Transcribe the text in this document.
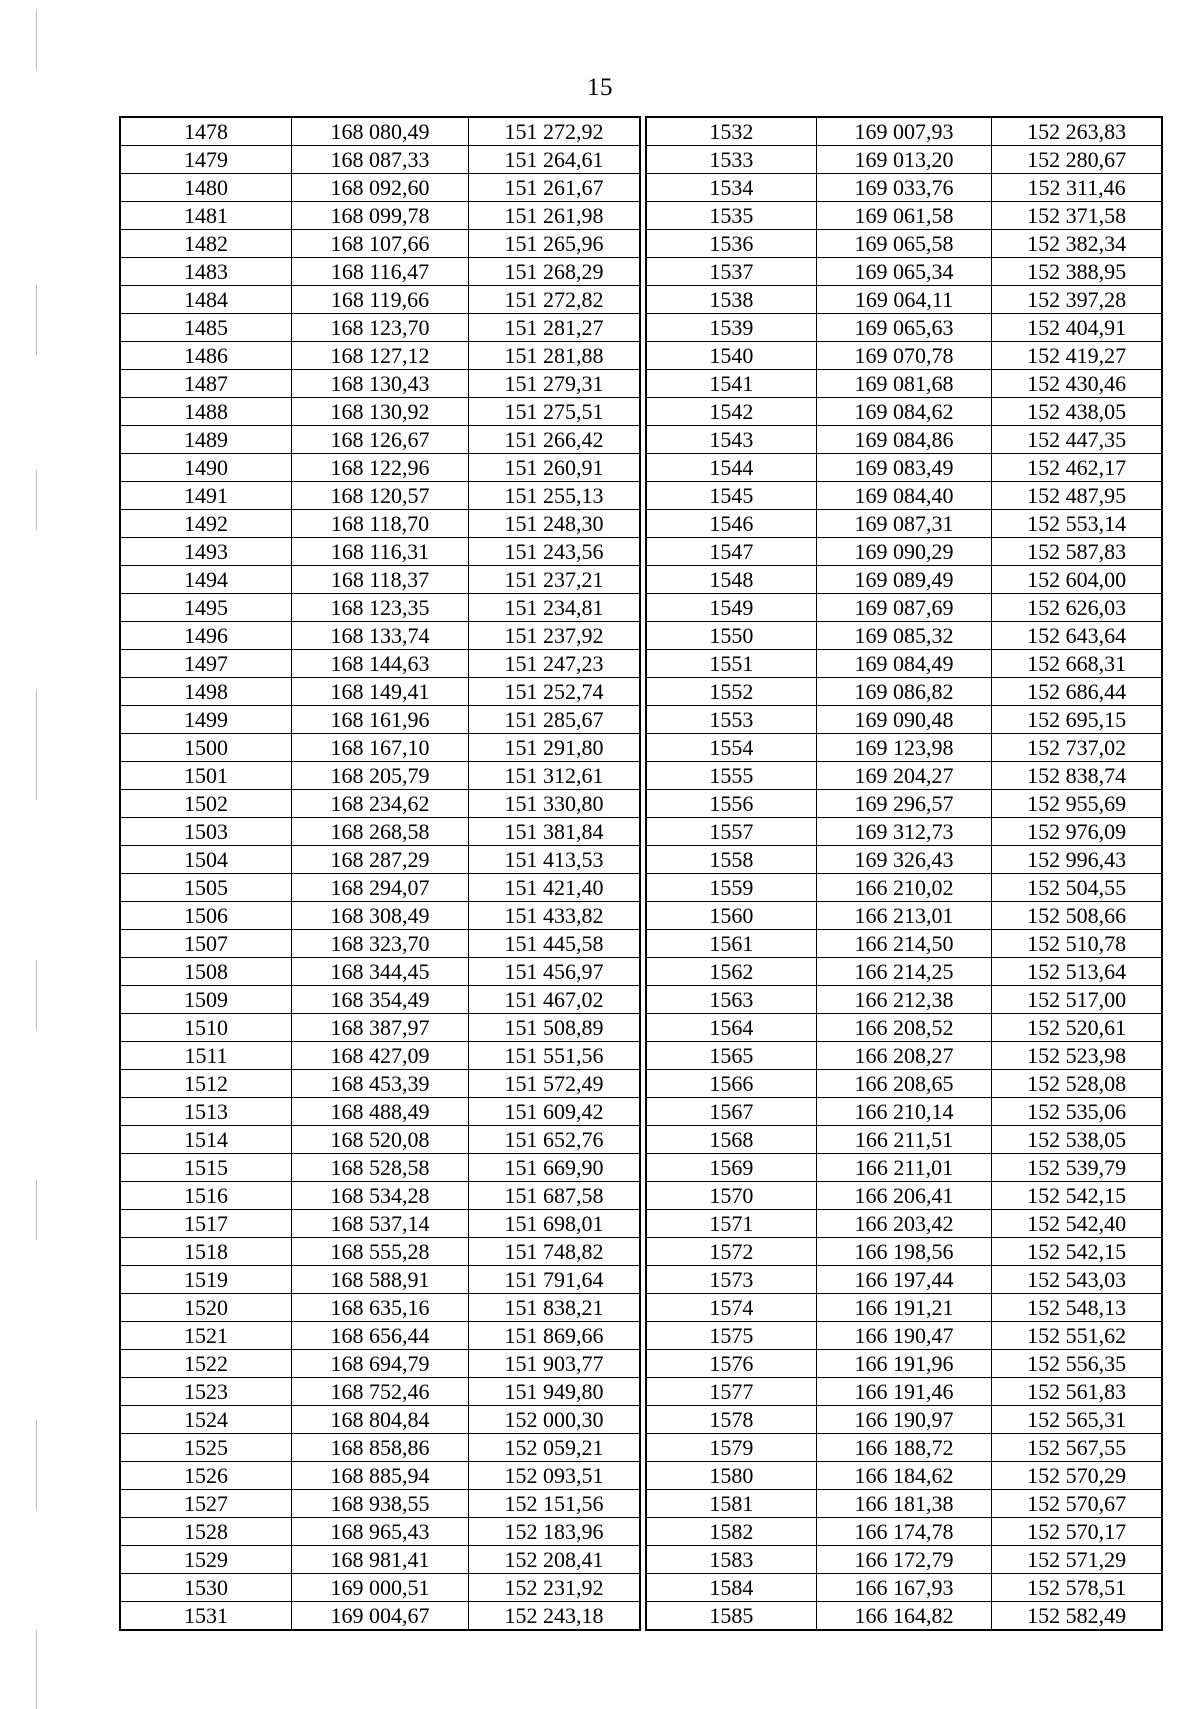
15
1478	168 080,49	151 272,92
1479	168 087,33	151 264,61
1480	168 092,60	151 261,67
1481	168 099,78	151 261,98
1482	168 107,66	151 265,96
1483	168 116,47	151 268,29
1484	168 119,66	151 272,82
1485	168 123,70	151 281,27
1486	168 127,12	151 281,88
1487	168 130,43	151 279,31
1488	168 130,92	151 275,51
1489	168 126,67	151 266,42
1490	168 122,96	151 260,91
1491	168 120,57	151 255,13
1492	168 118,70	151 248,30
1493	168 116,31	151 243,56
1494	168 118,37	151 237,21
1495	168 123,35	151 234,81
1496	168 133,74	151 237,92
1497	168 144,63	151 247,23
1498	168 149,41	151 252,74
1499	168 161,96	151 285,67
1500	168 167,10	151 291,80
1501	168 205,79	151 312,61
1502	168 234,62	151 330,80
1503	168 268,58	151 381,84
1504	168 287,29	151 413,53
1505	168 294,07	151 421,40
1506	168 308,49	151 433,82
1507	168 323,70	151 445,58
1508	168 344,45	151 456,97
1509	168 354,49	151 467,02
1510	168 387,97	151 508,89
1511	168 427,09	151 551,56
1512	168 453,39	151 572,49
1513	168 488,49	151 609,42
1514	168 520,08	151 652,76
1515	168 528,58	151 669,90
1516	168 534,28	151 687,58
1517	168 537,14	151 698,01
1518	168 555,28	151 748,82
1519	168 588,91	151 791,64
1520	168 635,16	151 838,21
1521	168 656,44	151 869,66
1522	168 694,79	151 903,77
1523	168 752,46	151 949,80
1524	168 804,84	152 000,30
1525	168 858,86	152 059,21
1526	168 885,94	152 093,51
1527	168 938,55	152 151,56
1528	168 965,43	152 183,96
1529	168 981,41	152 208,41
1530	169 000,51	152 231,92
1531	169 004,67	152 243,18
1532	169 007,93	152 263,83
1533	169 013,20	152 280,67
1534	169 033,76	152 311,46
1535	169 061,58	152 371,58
1536	169 065,58	152 382,34
1537	169 065,34	152 388,95
1538	169 064,11	152 397,28
1539	169 065,63	152 404,91
1540	169 070,78	152 419,27
1541	169 081,68	152 430,46
1542	169 084,62	152 438,05
1543	169 084,86	152 447,35
1544	169 083,49	152 462,17
1545	169 084,40	152 487,95
1546	169 087,31	152 553,14
1547	169 090,29	152 587,83
1548	169 089,49	152 604,00
1549	169 087,69	152 626,03
1550	169 085,32	152 643,64
1551	169 084,49	152 668,31
1552	169 086,82	152 686,44
1553	169 090,48	152 695,15
1554	169 123,98	152 737,02
1555	169 204,27	152 838,74
1556	169 296,57	152 955,69
1557	169 312,73	152 976,09
1558	169 326,43	152 996,43
1559	166 210,02	152 504,55
1560	166 213,01	152 508,66
1561	166 214,50	152 510,78
1562	166 214,25	152 513,64
1563	166 212,38	152 517,00
1564	166 208,52	152 520,61
1565	166 208,27	152 523,98
1566	166 208,65	152 528,08
1567	166 210,14	152 535,06
1568	166 211,51	152 538,05
1569	166 211,01	152 539,79
1570	166 206,41	152 542,15
1571	166 203,42	152 542,40
1572	166 198,56	152 542,15
1573	166 197,44	152 543,03
1574	166 191,21	152 548,13
1575	166 190,47	152 551,62
1576	166 191,96	152 556,35
1577	166 191,46	152 561,83
1578	166 190,97	152 565,31
1579	166 188,72	152 567,55
1580	166 184,62	152 570,29
1581	166 181,38	152 570,67
1582	166 174,78	152 570,17
1583	166 172,79	152 571,29
1584	166 167,93	152 578,51
1585	166 164,82	152 582,49
